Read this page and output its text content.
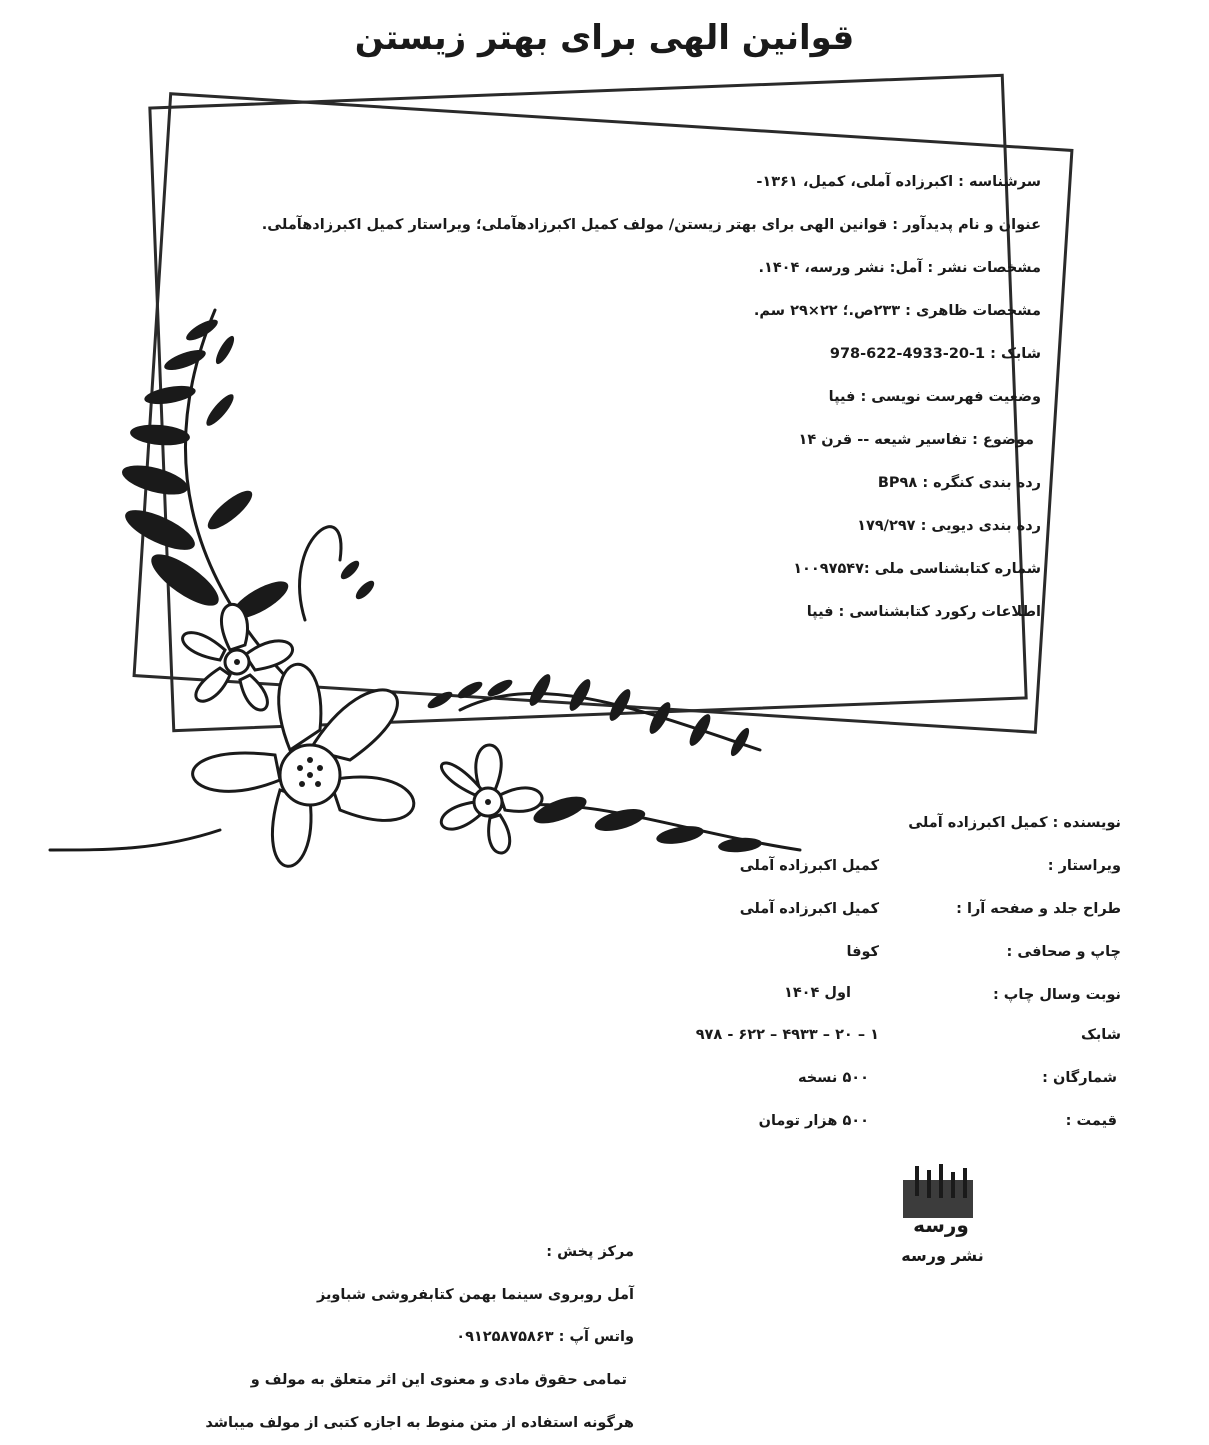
قوانین الهی برای بهتر زیستن
سرشناسه : اکبرزاده آملی، کمیل، ۱۳۶۱-
عنوان و نام پدیدآور : قوانین الهی برای بهتر زیستن/ مولف کمیل اکبرزادهآملی؛ ویراستار کمیل اکبرزادهآملی.
مشخصات نشر : آمل: نشر ورسه، ۱۴۰۴.
مشخصات ظاهری : ۲۳۳ص.؛ ۲۲×۲۹ سم.
شابک : 978-622-4933-20-1
وضعیت فهرست نویسی : فیپا
موضوع : تفاسیر شیعه -- قرن ۱۴
رده بندی کنگره : BP۹۸
رده بندی دیویی : ۱۷۹/۲۹۷
شماره کتابشناسی ملی :
۱۰۰۹۷۵۴۷
اطلاعات رکورد کتابشناسی : فیپا
نویسنده : کمیل اکبرزاده آملی
ویراستار :
کمیل اکبرزاده آملی
طراح جلد و صفحه آرا :
کمیل اکبرزاده آملی
چاپ و صحافی :
کوفا
نوبت وسال چاپ :
اول ۱۴۰۴
شابک
۱ – ۲۰ – ۴۹۳۳ – ۶۲۲ - ۹۷۸
شمارگان :
۵۰۰ نسخه
قیمت :
۵۰۰ هزار تومان
ورسه
نشر ورسه
مرکز پخش :
آمل روبروی سینما بهمن کتابفروشی شباویز
واتس آپ : ۰۹۱۲۵۸۷۵۸۶۳
تمامی حقوق مادی و معنوی این اثر متعلق به مولف و
هرگونه استفاده از متن منوط به اجازه کتبی از مولف میباشد
